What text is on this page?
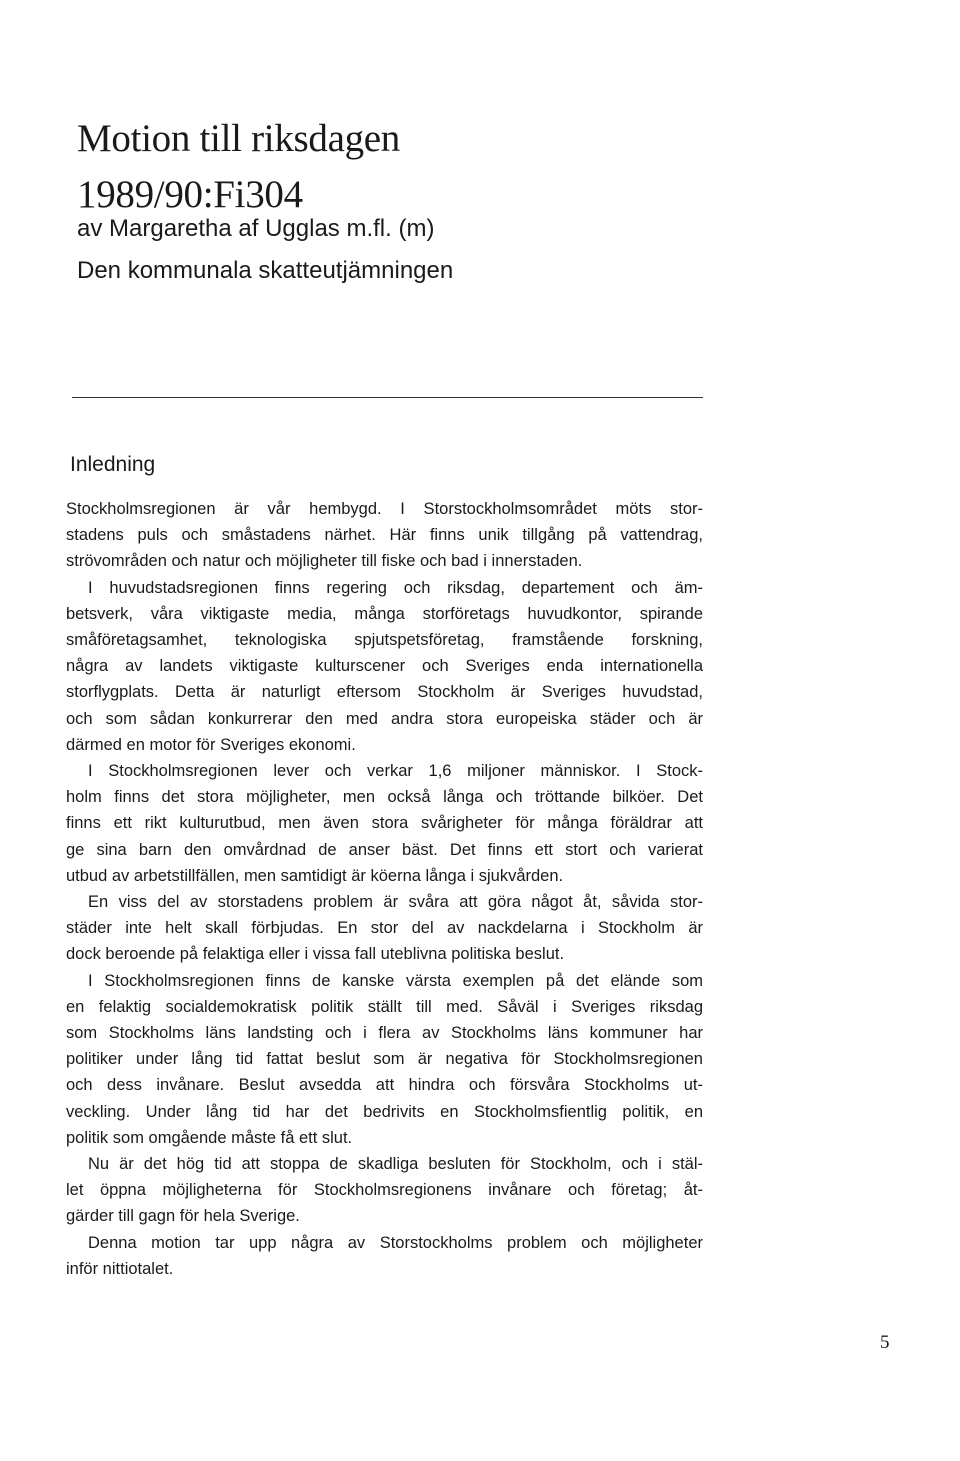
Motion till riksdagen
1989/90:Fi304
av Margaretha af Ugglas m.fl. (m)
Den kommunala skatteutjämningen
Inledning
Stockholmsregionen är vår hembygd. I Storstockholmsområdet möts stor-
stadens puls och småstadens närhet. Här finns unik tillgång på vattendrag,
strövområden och natur och möjligheter till fiske och bad i innerstaden.
I huvudstadsregionen finns regering och riksdag, departement och äm-
betsverk, våra viktigaste media, många storföretags huvudkontor, spirande
småföretagsamhet, teknologiska spjutspetsföretag, framstående forskning,
några av landets viktigaste kulturscener och Sveriges enda internationella
storflygplats. Detta är naturligt eftersom Stockholm är Sveriges huvudstad,
och som sådan konkurrerar den med andra stora europeiska städer och är
därmed en motor för Sveriges ekonomi.
I Stockholmsregionen lever och verkar 1,6 miljoner människor. I Stock-
holm finns det stora möjligheter, men också långa och tröttande bilköer. Det
finns ett rikt kulturutbud, men även stora svårigheter för många föräldrar att
ge sina barn den omvårdnad de anser bäst. Det finns ett stort och varierat
utbud av arbetstillfällen, men samtidigt är köerna långa i sjukvården.
En viss del av storstadens problem är svåra att göra något åt, såvida stor-
städer inte helt skall förbjudas. En stor del av nackdelarna i Stockholm är
dock beroende på felaktiga eller i vissa fall uteblivna politiska beslut.
I Stockholmsregionen finns de kanske värsta exemplen på det elände som
en felaktig socialdemokratisk politik ställt till med. Såväl i Sveriges riksdag
som Stockholms läns landsting och i flera av Stockholms läns kommuner har
politiker under lång tid fattat beslut som är negativa för Stockholmsregionen
och dess invånare. Beslut avsedda att hindra och försvåra Stockholms ut-
veckling. Under lång tid har det bedrivits en Stockholmsfientlig politik, en
politik som omgående måste få ett slut.
Nu är det hög tid att stoppa de skadliga besluten för Stockholm, och i stäl-
let öppna möjligheterna för Stockholmsregionens invånare och företag; åt-
gärder till gagn för hela Sverige.
Denna motion tar upp några av Storstockholms problem och möjligheter
inför nittiotalet.
5
